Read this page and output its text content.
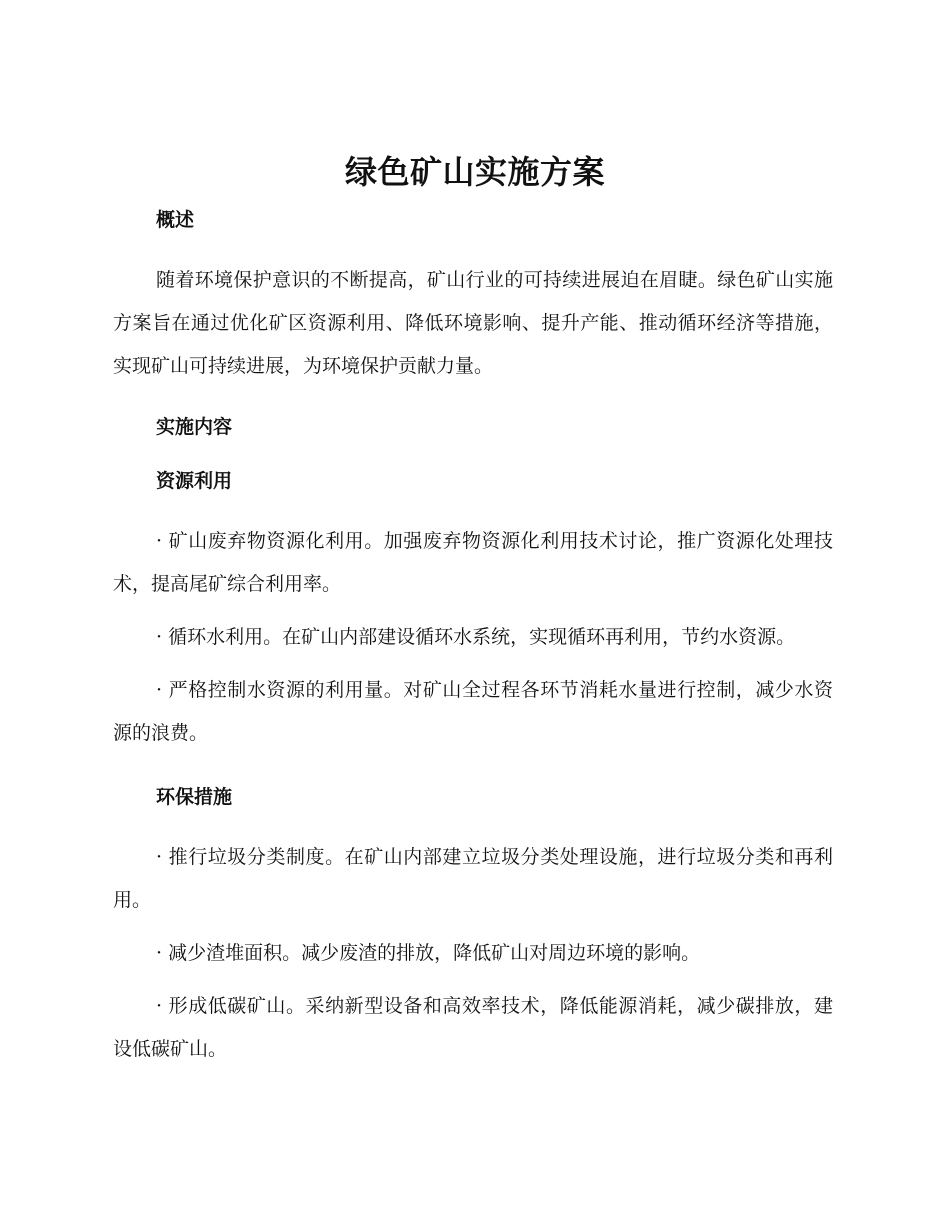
绿色矿山实施方案
概述

随着环境保护意识的不断提高，矿山行业的可持续进展迫在眉睫。绿色矿山实施方案旨在通过优化矿区资源利用、降低环境影响、提升产能、推动循环经济等措施，实现矿山可持续进展，为环境保护贡献力量。

实施内容
资源利用

· 矿山废弃物资源化利用。加强废弃物资源化利用技术讨论，推广资源化处理技术，提高尾矿综合利用率。

· 循环水利用。在矿山内部建设循环水系统，实现循环再利用，节约水资源。

· 严格控制水资源的利用量。对矿山全过程各环节消耗水量进行控制，减少水资源的浪费。

环保措施

· 推行垃圾分类制度。在矿山内部建立垃圾分类处理设施，进行垃圾分类和再利用。

· 减少渣堆面积。减少废渣的排放，降低矿山对周边环境的影响。

· 形成低碳矿山。采纳新型设备和高效率技术，降低能源消耗，减少碳排放，建设低碳矿山。
